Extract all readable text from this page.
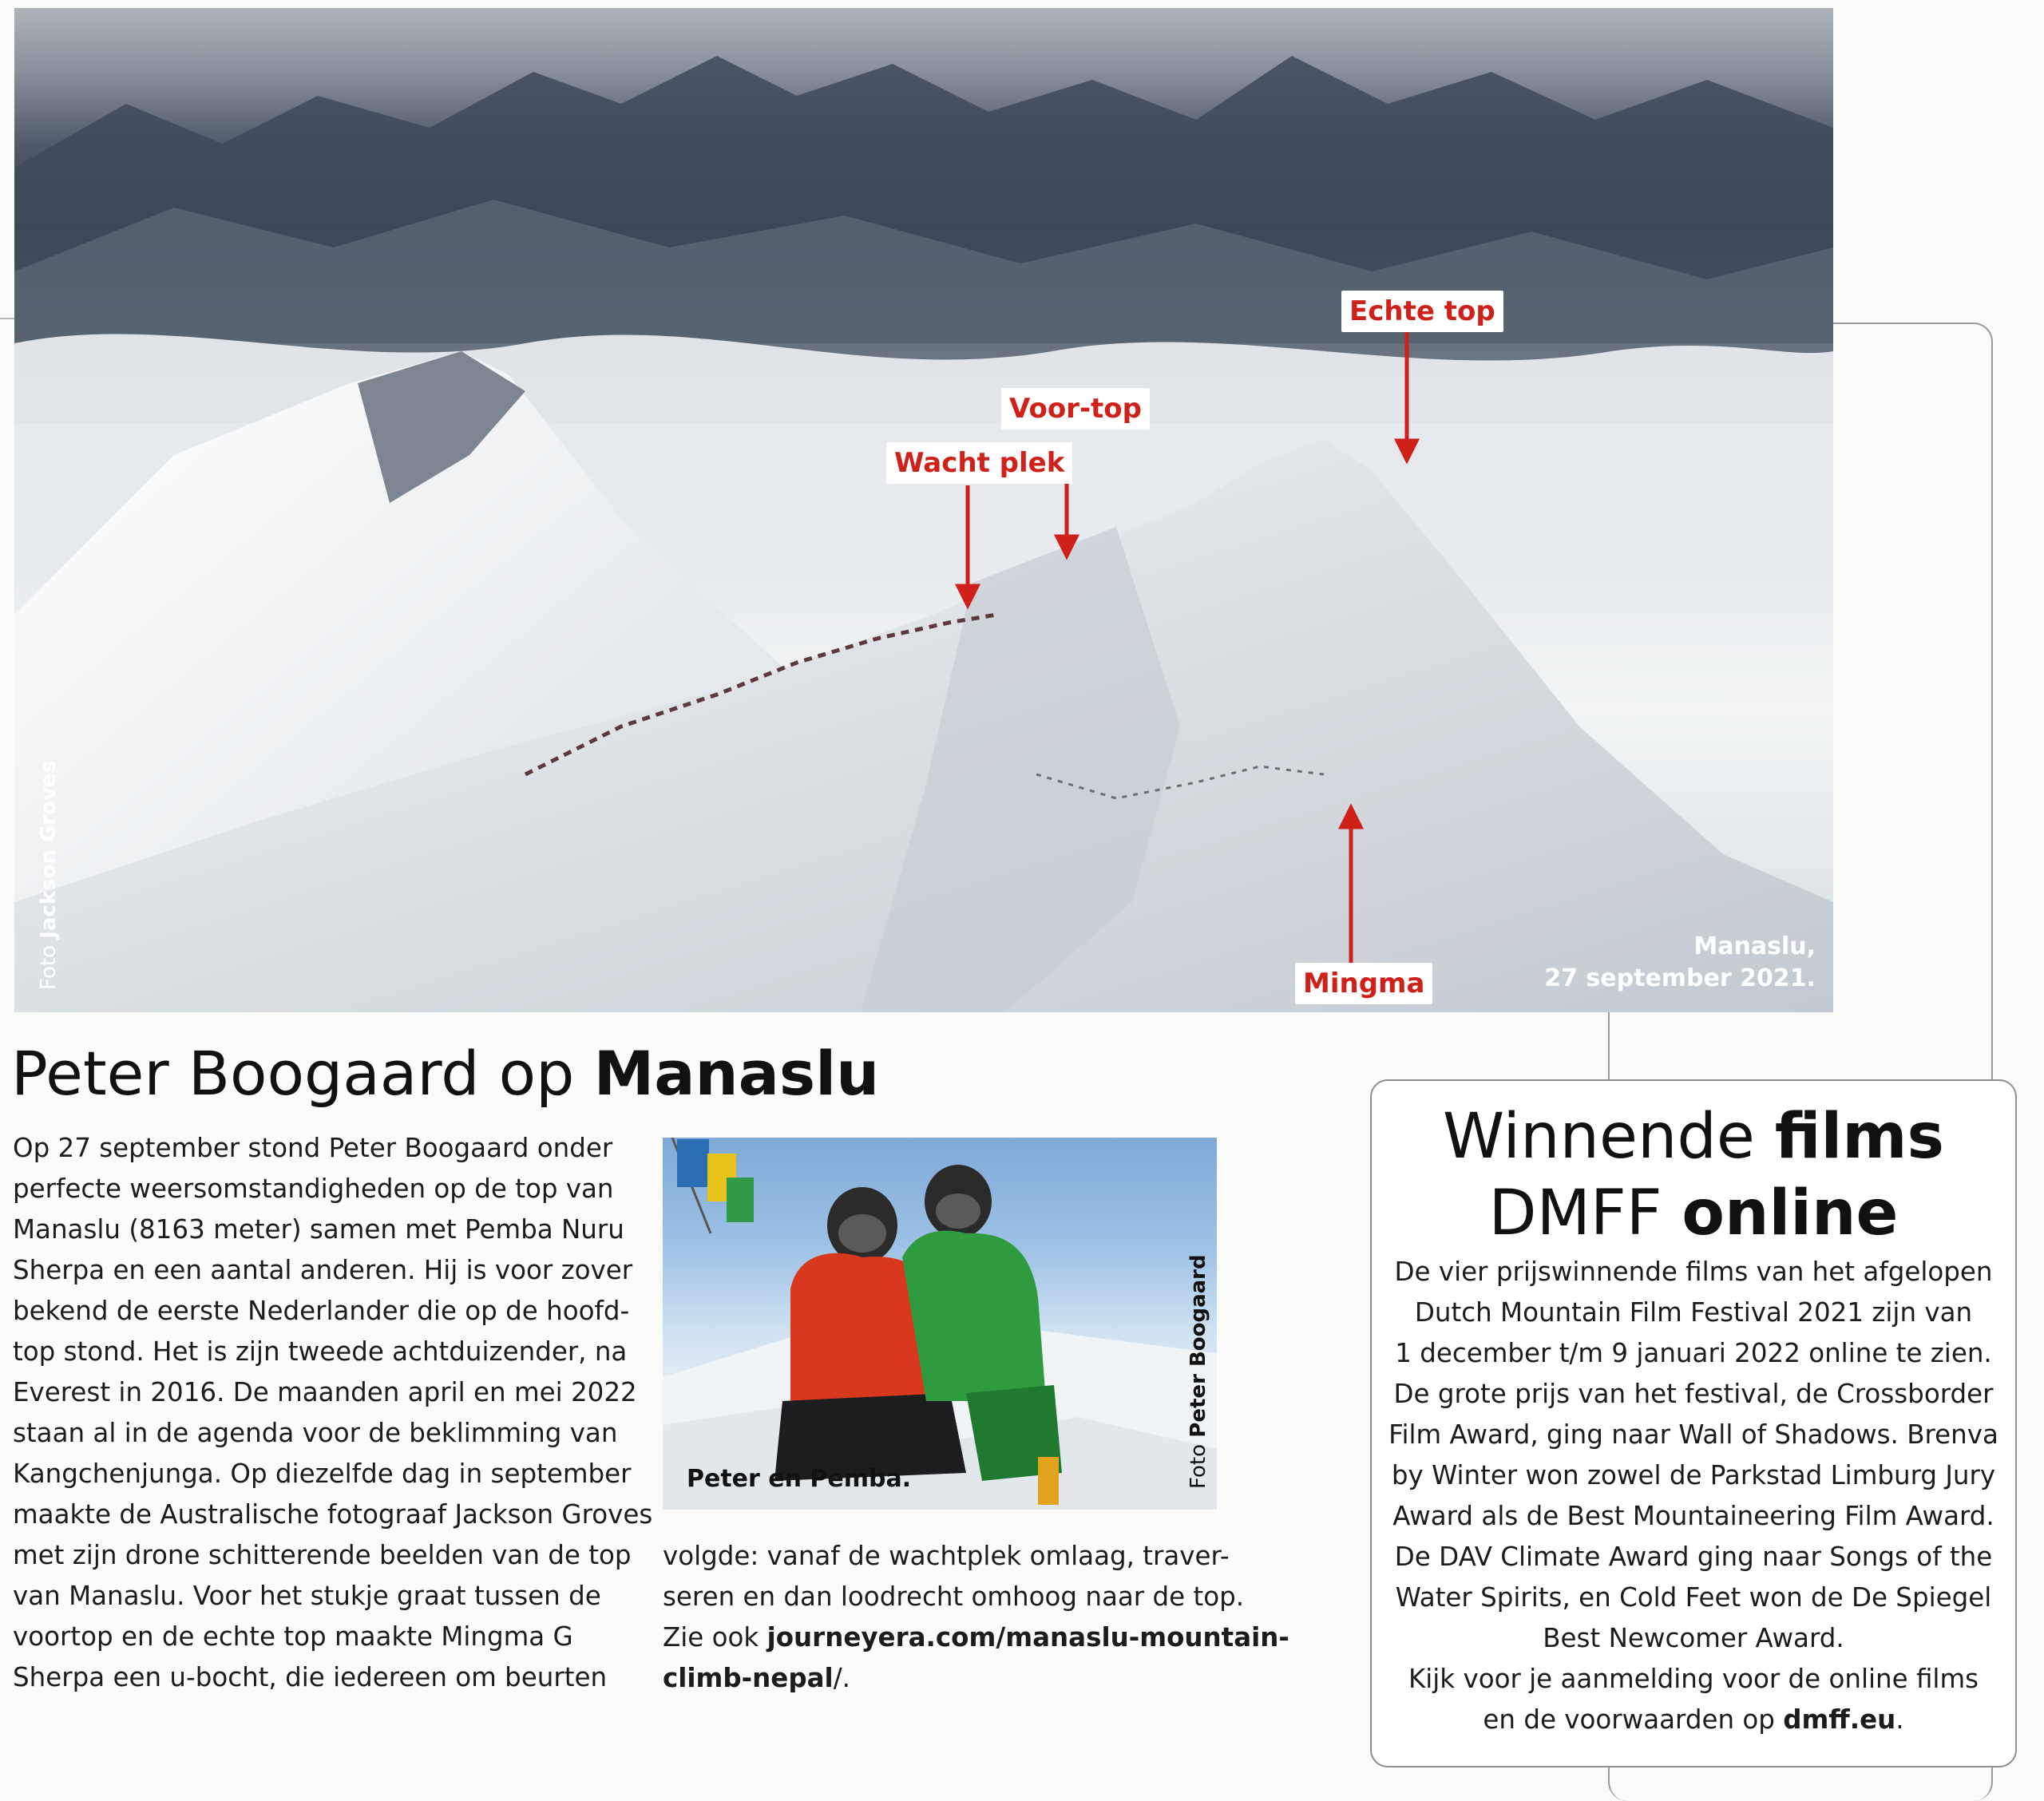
Echte top
Voor-top
Wacht plek
Mingma
Foto Jackson Groves
Manaslu,
27 september 2021.
Peter Boogaard op Manaslu

Op 27 september stond Peter Boogaard onder

perfecte weersomstandigheden op de top van

Manaslu (8163 meter) samen met Pemba Nuru

Sherpa en een aantal anderen. Hij is voor zover

bekend de eerste Nederlander die op de hoofd-

top stond. Het is zijn tweede achtduizender, na

Everest in 2016. De maanden april en mei 2022

staan al in de agenda voor de beklimming van

Kangchenjunga. Op diezelfde dag in september

maakte de Australische fotograaf Jackson Groves

met zijn drone schitterende beelden van de top

van Manaslu. Voor het stukje graat tussen de

voortop en de echte top maakte Mingma G

Sherpa een u-bocht, die iedereen om beurten

Peter en Pemba.	Foto Peter Boogaard

volgde: vanaf de wachtplek omlaag, traver-

seren en dan loodrecht omhoog naar de top.

Zie ook journeyera.com/manaslu-mountain-

climb-nepal/.

Winnende films
DMFF online

De vier prijswinnende films van het afgelopen

Dutch Mountain Film Festival 2021 zijn van

1 december t/m 9 januari 2022 online te zien.

De grote prijs van het festival, de Crossborder

Film Award, ging naar Wall of Shadows. Brenva

by Winter won zowel de Parkstad Limburg Jury

Award als de Best Mountaineering Film Award.

De DAV Climate Award ging naar Songs of the

Water Spirits, en Cold Feet won de De Spiegel

Best Newcomer Award.

Kijk voor je aanmelding voor de online films

en de voorwaarden op dmff.eu.
